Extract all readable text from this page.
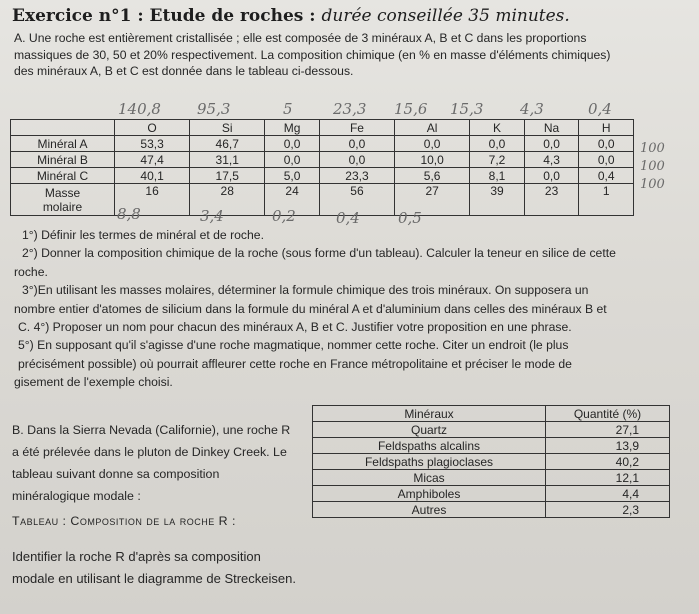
Exercice n°1 : Etude de roches : durée conseillée 35 minutes.
A. Une roche est entièrement cristallisée ; elle est composée de 3 minéraux A, B et C dans les proportions
massiques de 30, 50 et 20% respectivement. La composition chimique (en % en masse d'éléments chimiques)
des minéraux A, B et C est donnée dans le tableau ci-dessous.
140,8 95,3	5	23,3 15,6 15,3 4,3	0,4
	O	Si	Mg	Fe	Al	K	Na	H
Minéral A	53,3	46,7	0,0	0,0	0,0	0,0	0,0	0,0
Minéral B	47,4	31,1	0,0	0,0	10,0	7,2	4,3	0,0
Minéral C	40,1	17,5	5,0	23,3	5,6	8,1	0,0	0,4

Masse
molaire	16	28	24	56	27	39	23	1
8,8	3,4	0,2	0,4	0,5
100
100
100
1°) Définir les termes de minéral et de roche.
2°) Donner la composition chimique de la roche (sous forme d'un tableau). Calculer la teneur en silice de cette
roche.
3°)En utilisant les masses molaires, déterminer la formule chimique des trois minéraux. On supposera un
nombre entier d'atomes de silicium dans la formule du minéral A et d'aluminium dans celles des minéraux B et
C. 4°) Proposer un nom pour chacun des minéraux A, B et C. Justifier votre proposition en une phrase.
5°) En supposant qu'il s'agisse d'une roche magmatique, nommer cette roche. Citer un endroit (le plus
précisément possible) où pourrait affleurer cette roche en France métropolitaine et préciser le mode de
gisement de l'exemple choisi.
B. Dans la Sierra Nevada (Californie), une roche R
a été prélevée dans le pluton de Dinkey Creek. Le
tableau suivant donne sa composition
minéralogique modale :
Tableau : Composition de la roche R :
Minéraux	Quantité (%)
Quartz	27,1
Feldspaths alcalins	13,9
Feldspaths plagioclases	40,2
Micas	12,1
Amphiboles	4,4
Autres	2,3
Identifier la roche R d'après sa composition
modale en utilisant le diagramme de Streckeisen.
